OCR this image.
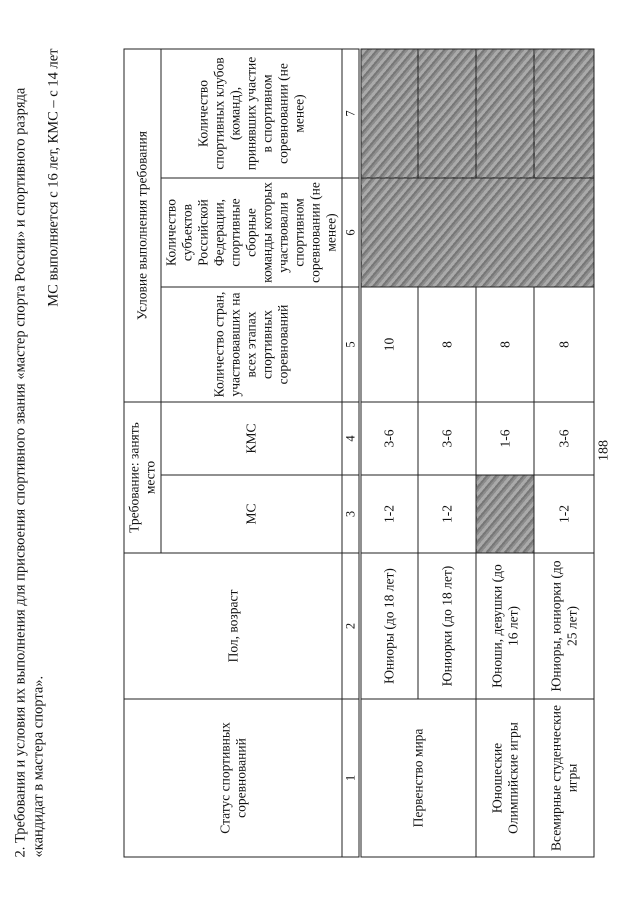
188
2. Требования и условия их выполнения для присвоения спортивного звания «мастер спорта России» и спортивного разряда «кандидат в мастера спорта».
МС выполняется с 16 лет, КМС – с 14 лет
Статус спортивных соревнований	Пол, возраст	Требование: занять место		Условие выполнения требования		
		МС	КМС	Количество стран, участвовавших на всех этапах спортивных соревнований	Количество субъектов Российской Федерации, спортивные сборные команды которых участвовали в спортивном соревновании (не менее)	Количество спортивных клубов (команд), принявших участие в спортивном соревновании (не менее)

1	2	3	4	5	6	7
Первенство мира	Юниоры (до 18 лет)	1-2	3-6	10		
	Юниорки (до 18 лет)	1-2	3-6	8		
Юношеские Олимпийские игры	Юноши, девушки (до 16 лет)		1-6	8		
Всемирные студенческие игры	Юниоры, юниорки (до 25 лет)	1-2	3-6	8		
